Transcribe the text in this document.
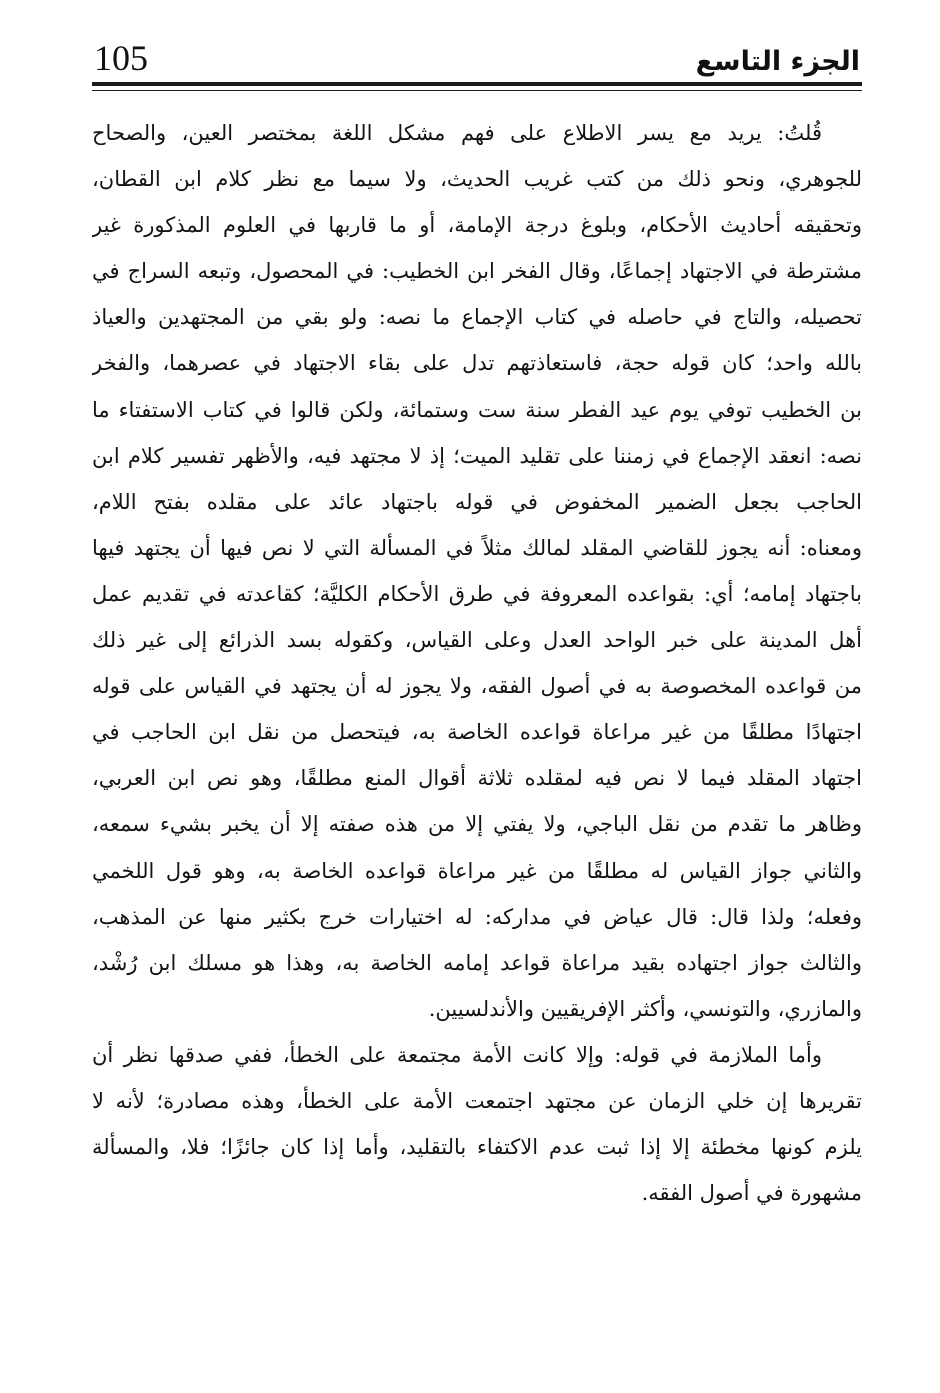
105	الجزء التاسع
قُلتُ: يريد مع يسر الاطلاع على فهم مشكل اللغة بمختصر العين، والصحاح
للجوهري، ونحو ذلك من كتب غريب الحديث، ولا سيما مع نظر كلام ابن القطان،
وتحقيقه أحاديث الأحكام، وبلوغ درجة الإمامة، أو ما قاربها في العلوم المذكورة غير
مشترطة في الاجتهاد إجماعًا، وقال الفخر ابن الخطيب: في المحصول، وتبعه السراج في
تحصيله، والتاج في حاصله في كتاب الإجماع ما نصه: ولو بقي من المجتهدين والعياذ
بالله واحد؛ كان قوله حجة، فاستعاذتهم تدل على بقاء الاجتهاد في عصرهما، والفخر
بن الخطيب توفي يوم عيد الفطر سنة ست وستمائة، ولكن قالوا في كتاب الاستفتاء ما
نصه: انعقد الإجماع في زمننا على تقليد الميت؛ إذ لا مجتهد فيه، والأظهر تفسير كلام ابن
الحاجب بجعل الضمير المخفوض في قوله باجتهاد عائد على مقلده بفتح اللام،
ومعناه: أنه يجوز للقاضي المقلد لمالك مثلاً في المسألة التي لا نص فيها أن يجتهد فيها
باجتهاد إمامه؛ أي: بقواعده المعروفة في طرق الأحكام الكليَّة؛ كقاعدته في تقديم عمل
أهل المدينة على خبر الواحد العدل وعلى القياس، وكقوله بسد الذرائع إلى غير ذلك
من قواعده المخصوصة به في أصول الفقه، ولا يجوز له أن يجتهد في القياس على قوله
اجتهادًا مطلقًا من غير مراعاة قواعده الخاصة به، فيتحصل من نقل ابن الحاجب في
اجتهاد المقلد فيما لا نص فيه لمقلده ثلاثة أقوال المنع مطلقًا، وهو نص ابن العربي،
وظاهر ما تقدم من نقل الباجي، ولا يفتي إلا من هذه صفته إلا أن يخبر بشيء سمعه،
والثاني جواز القياس له مطلقًا من غير مراعاة قواعده الخاصة به، وهو قول اللخمي
وفعله؛ ولذا قال: قال عياض في مداركه: له اختيارات خرج بكثير منها عن المذهب،
والثالث جواز اجتهاده بقيد مراعاة قواعد إمامه الخاصة به، وهذا هو مسلك ابن رُشْد،
والمازري، والتونسي، وأكثر الإفريقيين والأندلسيين.
وأما الملازمة في قوله: وإلا كانت الأمة مجتمعة على الخطأ، ففي صدقها نظر أن
تقريرها إن خلي الزمان عن مجتهد اجتمعت الأمة على الخطأ، وهذه مصادرة؛ لأنه لا
يلزم كونها مخطئة إلا إذا ثبت عدم الاكتفاء بالتقليد، وأما إذا كان جائزًا؛ فلا، والمسألة
مشهورة في أصول الفقه.
